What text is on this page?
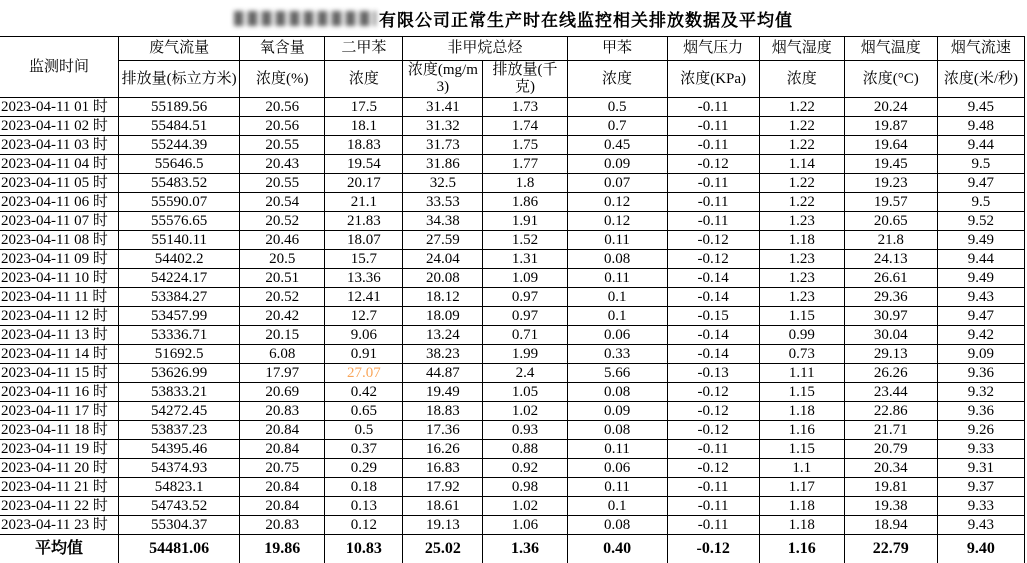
有限公司正常生产时在线监控相关排放数据及平均值
监测时间	废气流量	氧含量	二甲苯	非甲烷总烃		甲苯	烟气压力	烟气湿度	烟气温度	烟气流速
	排放量(标立方米)	浓度(%)	浓度	浓度(mg/m3)	排放量(千克)	浓度	浓度(KPa)	浓度	浓度(°C)	浓度(米/秒)
2023-04-11 01 时	55189.56	20.56	17.5	31.41	1.73	0.5	-0.11	1.22	20.24	9.45
2023-04-11 02 时	55484.51	20.56	18.1	31.32	1.74	0.7	-0.11	1.22	19.87	9.48
2023-04-11 03 时	55244.39	20.55	18.83	31.73	1.75	0.45	-0.11	1.22	19.64	9.44
2023-04-11 04 时	55646.5	20.43	19.54	31.86	1.77	0.09	-0.12	1.14	19.45	9.5
2023-04-11 05 时	55483.52	20.55	20.17	32.5	1.8	0.07	-0.11	1.22	19.23	9.47
2023-04-11 06 时	55590.07	20.54	21.1	33.53	1.86	0.12	-0.11	1.22	19.57	9.5
2023-04-11 07 时	55576.65	20.52	21.83	34.38	1.91	0.12	-0.11	1.23	20.65	9.52
2023-04-11 08 时	55140.11	20.46	18.07	27.59	1.52	0.11	-0.12	1.18	21.8	9.49
2023-04-11 09 时	54402.2	20.5	15.7	24.04	1.31	0.08	-0.12	1.23	24.13	9.44
2023-04-11 10 时	54224.17	20.51	13.36	20.08	1.09	0.11	-0.14	1.23	26.61	9.49
2023-04-11 11 时	53384.27	20.52	12.41	18.12	0.97	0.1	-0.14	1.23	29.36	9.43
2023-04-11 12 时	53457.99	20.42	12.7	18.09	0.97	0.1	-0.15	1.15	30.97	9.47
2023-04-11 13 时	53336.71	20.15	9.06	13.24	0.71	0.06	-0.14	0.99	30.04	9.42
2023-04-11 14 时	51692.5	6.08	0.91	38.23	1.99	0.33	-0.14	0.73	29.13	9.09
2023-04-11 15 时	53626.99	17.97	27.07	44.87	2.4	5.66	-0.13	1.11	26.26	9.36
2023-04-11 16 时	53833.21	20.69	0.42	19.49	1.05	0.08	-0.12	1.15	23.44	9.32
2023-04-11 17 时	54272.45	20.83	0.65	18.83	1.02	0.09	-0.12	1.18	22.86	9.36
2023-04-11 18 时	53837.23	20.84	0.5	17.36	0.93	0.08	-0.12	1.16	21.71	9.26
2023-04-11 19 时	54395.46	20.84	0.37	16.26	0.88	0.11	-0.11	1.15	20.79	9.33
2023-04-11 20 时	54374.93	20.75	0.29	16.83	0.92	0.06	-0.12	1.1	20.34	9.31
2023-04-11 21 时	54823.1	20.84	0.18	17.92	0.98	0.11	-0.11	1.17	19.81	9.37
2023-04-11 22 时	54743.52	20.84	0.13	18.61	1.02	0.1	-0.11	1.18	19.38	9.33
2023-04-11 23 时	55304.37	20.83	0.12	19.13	1.06	0.08	-0.11	1.18	18.94	9.43
平均值	54481.06	19.86	10.83	25.02	1.36	0.40	-0.12	1.16	22.79	9.40
